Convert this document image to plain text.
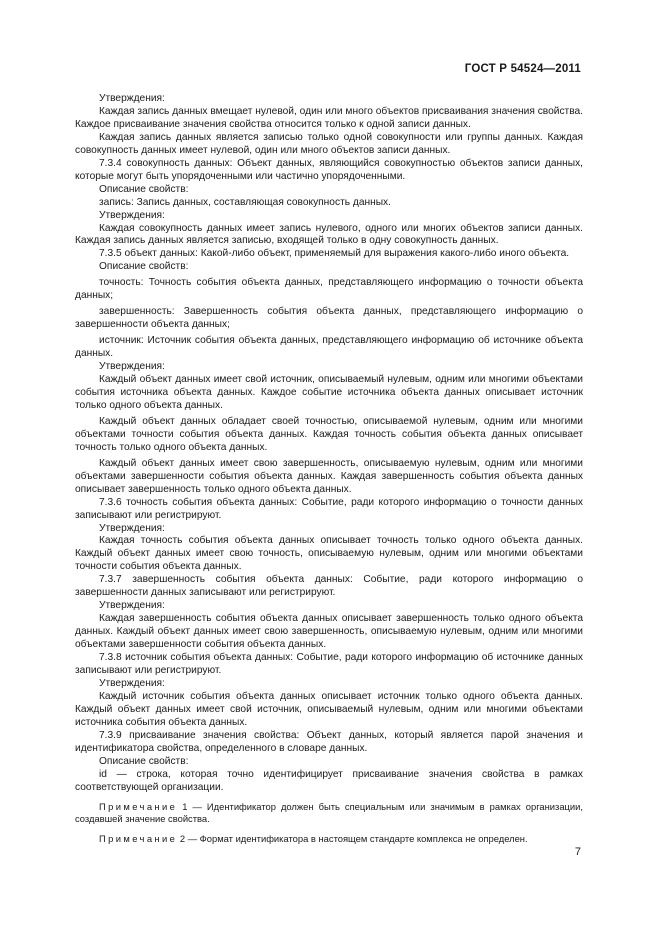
ГОСТ Р 54524—2011

Утверждения:

Каждая запись данных вмещает нулевой, один или много объектов присваивания значения свойства. Каждое присваивание значения свойства относится только к одной записи данных.

Каждая запись данных является записью только одной совокупности или группы данных. Каждая совокупность данных имеет нулевой, один или много объектов записи данных.

7.3.4 совокупность данных: Объект данных, являющийся совокупностью объектов записи данных, которые могут быть упорядоченными или частично упорядоченными.

Описание свойств:

запись: Запись данных, составляющая совокупность данных.

Утверждения:

Каждая совокупность данных имеет запись нулевого, одного или многих объектов записи данных. Каждая запись данных является записью, входящей только в одну совокупность данных.

7.3.5 объект данных: Какой-либо объект, применяемый для выражения какого-либо иного объекта.

Описание свойств:

точность: Точность события объекта данных, представляющего информацию о точности объекта данных;

завершенность: Завершенность события объекта данных, представляющего информацию о завершенности объекта данных;

источник: Источник события объекта данных, представляющего информацию об источнике объекта данных.

Утверждения:

Каждый объект данных имеет свой источник, описываемый нулевым, одним или многими объектами события источника объекта данных. Каждое событие источника объекта данных описывает источник только одного объекта данных.

Каждый объект данных обладает своей точностью, описываемой нулевым, одним или многими объектами точности события объекта данных. Каждая точность события объекта данных описывает точность только одного объекта данных.

Каждый объект данных имеет свою завершенность, описываемую нулевым, одним или многими объектами завершенности события объекта данных. Каждая завершенность события объекта данных описывает завершенность только одного объекта данных.

7.3.6 точность события объекта данных: Событие, ради которого информацию о точности данных записывают или регистрируют.

Утверждения:

Каждая точность события объекта данных описывает точность только одного объекта данных. Каждый объект данных имеет свою точность, описываемую нулевым, одним или многими объектами точности события объекта данных.

7.3.7 завершенность события объекта данных: Событие, ради которого информацию о завершенности данных записывают или регистрируют.

Утверждения:

Каждая завершенность события объекта данных описывает завершенность только одного объекта данных. Каждый объект данных имеет свою завершенность, описываемую нулевым, одним или многими объектами завершенности события объекта данных.

7.3.8 источник события объекта данных: Событие, ради которого информацию об источнике данных записывают или регистрируют.

Утверждения:

Каждый источник события объекта данных описывает источник только одного объекта данных. Каждый объект данных имеет свой источник, описываемый нулевым, одним или многими объектами источника события объекта данных.

7.3.9 присваивание значения свойства: Объект данных, который является парой значения и идентификатора свойства, определенного в словаре данных.

Описание свойств:

id — строка, которая точно идентифицирует присваивание значения свойства в рамках соответствующей организации.

Примечание 1 — Идентификатор должен быть специальным или значимым в рамках организации, создавшей значение свойства.

Примечание 2 — Формат идентификатора в настоящем стандарте комплекса не определен.

7
